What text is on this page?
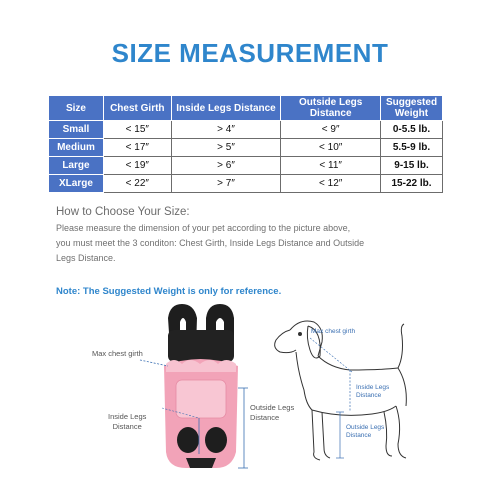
SIZE MEASUREMENT
Size	Chest Girth	Inside Legs Distance	Outside Legs Distance	Suggested Weight
Small	< 15″	> 4″	< 9″	0-5.5 lb.
Medium	< 17″	> 5″	< 10″	5.5-9 lb.
Large	< 19″	> 6″	< 11″	9-15 lb.
XLarge	< 22″	> 7″	< 12″	15-22 lb.
How to Choose Your Size:
Please measure the dimension of your pet according to the picture above,
you must meet the 3 conditon: Chest Girth, Inside Legs Distance and Outside
Legs Distance.
Note: The Suggested Weight is only for reference.
Max chest girth
Inside Legs
Distance
Outside Legs
Distance
Max chest girth
Inside Legs
Distance
Outside Legs
Distance
